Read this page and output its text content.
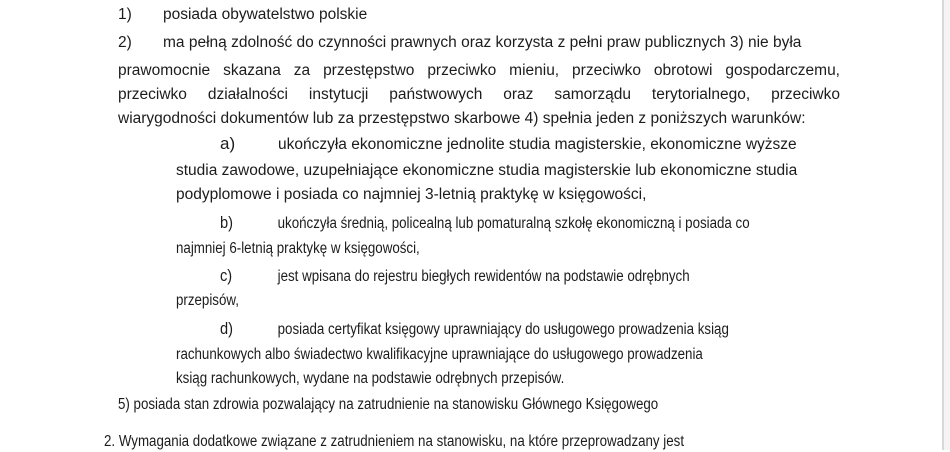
1) posiada obywatelstwo polskie
2) ma pełną zdolność do czynności prawnych oraz korzysta z pełni praw publicznych 3) nie była
prawomocnie skazana za przestępstwo przeciwko mieniu, przeciwko obrotowi gospodarczemu,
przeciwko działalności instytucji państwowych oraz samorządu terytorialnego, przeciwko
wiarygodności dokumentów lub za przestępstwo skarbowe 4) spełnia jeden z poniższych warunków:
a)	ukończyła ekonomiczne jednolite studia magisterskie, ekonomiczne wyższe
studia zawodowe, uzupełniające ekonomiczne studia magisterskie lub ekonomiczne studia
podyplomowe i posiada co najmniej 3-letnią praktykę w księgowości,
b)	ukończyła średnią, policealną lub pomaturalną szkołę ekonomiczną i posiada co
najmniej 6-letnią praktykę w księgowości,
c)	jest wpisana do rejestru biegłych rewidentów na podstawie odrębnych
przepisów,
d)	posiada certyfikat księgowy uprawniający do usługowego prowadzenia ksiąg
rachunkowych albo świadectwo kwalifikacyjne uprawniające do usługowego prowadzenia
ksiąg rachunkowych, wydane na podstawie odrębnych przepisów.
5) posiada stan zdrowia pozwalający na zatrudnienie na stanowisku Głównego Księgowego
2. Wymagania dodatkowe związane z zatrudnieniem na stanowisku, na które przeprowadzany jest
